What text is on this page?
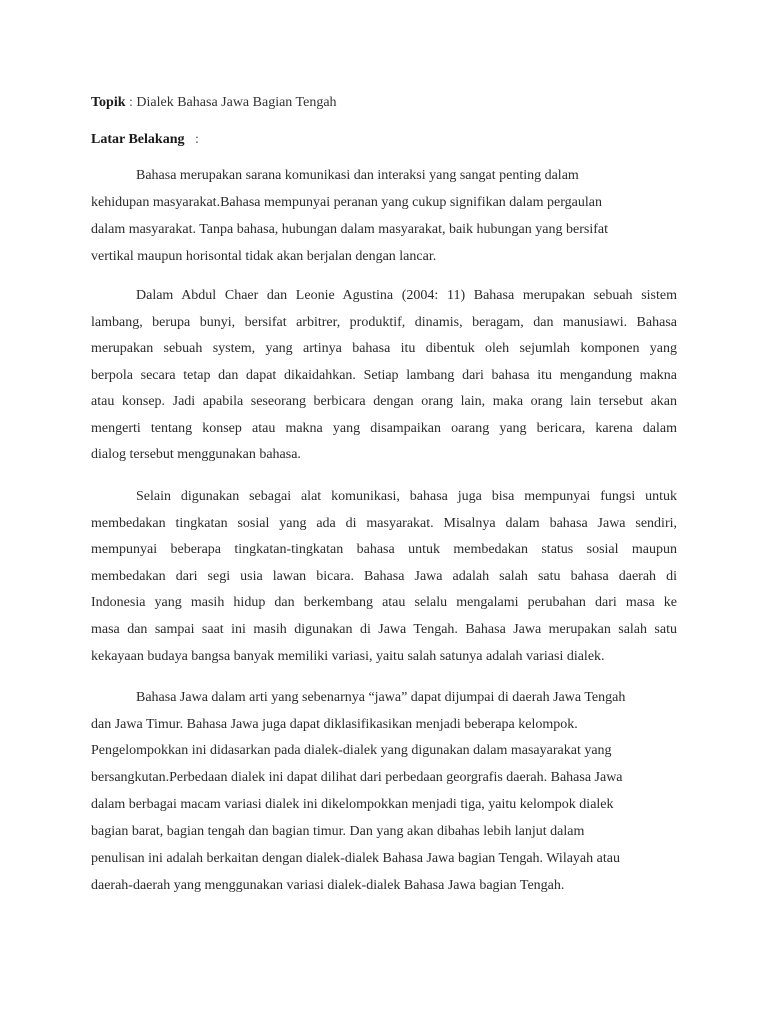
Topik : Dialek Bahasa Jawa Bagian Tengah
Latar Belakang   :
Bahasa merupakan sarana komunikasi dan interaksi yang sangat penting dalam
kehidupan masyarakat.Bahasa mempunyai peranan yang cukup signifikan dalam pergaulan
dalam masyarakat. Tanpa bahasa, hubungan dalam masyarakat, baik hubungan yang bersifat
vertikal maupun horisontal tidak akan berjalan dengan lancar.
Dalam Abdul Chaer dan Leonie Agustina (2004: 11) Bahasa merupakan sebuah sistem
lambang, berupa bunyi, bersifat arbitrer, produktif, dinamis, beragam, dan manusiawi. Bahasa
merupakan sebuah system, yang artinya bahasa itu dibentuk oleh sejumlah komponen yang
berpola secara tetap dan dapat dikaidahkan. Setiap lambang dari bahasa itu mengandung makna
atau konsep. Jadi apabila seseorang berbicara dengan orang lain, maka orang lain tersebut akan
mengerti tentang konsep atau makna yang disampaikan oarang yang bericara, karena dalam
dialog tersebut menggunakan bahasa.
Selain digunakan sebagai alat komunikasi, bahasa juga bisa mempunyai fungsi untuk
membedakan tingkatan sosial yang ada di masyarakat. Misalnya dalam bahasa Jawa sendiri,
mempunyai beberapa tingkatan-tingkatan bahasa untuk membedakan status sosial maupun
membedakan dari segi usia lawan bicara. Bahasa Jawa adalah salah satu bahasa daerah di
Indonesia yang masih hidup dan berkembang atau selalu mengalami perubahan dari masa ke
masa dan sampai saat ini masih digunakan di Jawa Tengah. Bahasa Jawa merupakan salah satu
kekayaan budaya bangsa banyak memiliki variasi, yaitu salah satunya adalah variasi dialek.
Bahasa Jawa dalam arti yang sebenarnya “jawa” dapat dijumpai di daerah Jawa Tengah
dan Jawa Timur. Bahasa Jawa juga dapat diklasifikasikan menjadi beberapa kelompok.
Pengelompokkan ini didasarkan pada dialek-dialek yang digunakan dalam masayarakat yang
bersangkutan.Perbedaan dialek ini dapat dilihat dari perbedaan georgrafis daerah. Bahasa Jawa
dalam berbagai macam variasi dialek ini dikelompokkan menjadi tiga, yaitu kelompok dialek
bagian barat, bagian tengah dan bagian timur. Dan yang akan dibahas lebih lanjut dalam
penulisan ini adalah berkaitan dengan dialek-dialek Bahasa Jawa bagian Tengah. Wilayah atau
daerah-daerah yang menggunakan variasi dialek-dialek Bahasa Jawa bagian Tengah.
